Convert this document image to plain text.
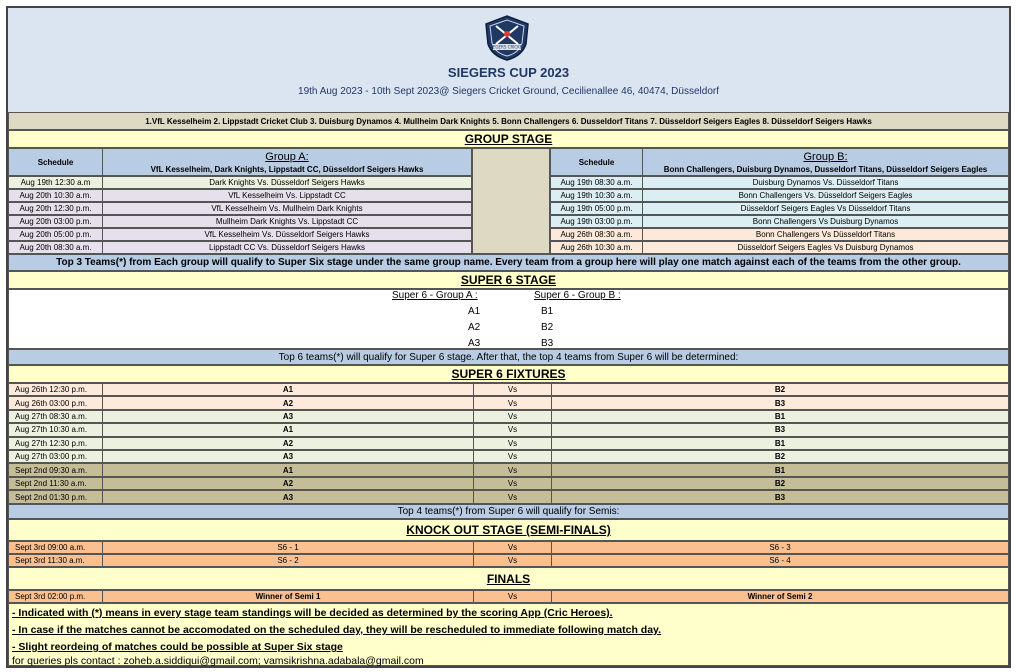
SIEGERS CRICKET
SIEGERS CUP 2023
19th Aug 2023 - 10th Sept 2023@ Siegers Cricket Ground, Cecilienallee 46, 40474, Düsseldorf
1.VfL Kesselheim 2. Lippstadt Cricket Club 3. Duisburg Dynamos 4. Mullheim Dark Knights 5. Bonn Challengers 6. Dusseldorf Titans 7. Düsseldorf Seigers Eagles 8. Düsseldorf Seigers Hawks
GROUP STAGE
Schedule	Group A:
VfL Kesselheim, Dark Knights, Lippstadt CC, Düsseldorf Seigers Hawks
Schedule	Group B:
Bonn Challengers, Duisburg Dynamos, Dusseldorf Titans, Düsseldorf Seigers Eagles
Aug 19th 12:30 a.m	Dark Knights Vs. Düsseldorf Seigers Hawks
Aug 20th 10:30 a.m.	VfL Kesselheim Vs. Lippstadt CC
Aug 20th 12:30 p.m.	VfL Kesselheim Vs. Mullheim Dark Knights
Aug 20th 03:00 p.m.	Mullheim Dark Knights Vs. Lippstadt CC
Aug 20th 05:00 p.m.	VfL Kesselheim Vs. Düsseldorf Seigers Hawks
Aug 20th 08:30 a.m.	Lippstadt CC Vs. Düsseldorf Seigers Hawks
Aug 19th 08:30 a.m.	Duisburg Dynamos Vs. Düsseldorf Titans
Aug 19th 10:30 a.m.	Bonn Challengers Vs. Düsseldorf Seigers Eagles
Aug 19th 05:00 p.m.	Düsseldorf Seigers Eagles Vs Düsseldorf Titans
Aug 19th 03:00 p.m.	Bonn Challengers Vs Duisburg Dynamos
Aug 26th 08:30 a.m.	Bonn Challengers Vs Düsseldorf Titans
Aug 26th 10:30 a.m.	Düsseldorf Seigers Eagles Vs Duisburg Dynamos
Top 3 Teams(*) from Each group will qualify to Super Six stage under the same group name. Every team from a group here will play one match against each of the teams from the other group.
SUPER 6 STAGE
Super 6 - Group A :	Super 6 - Group B :
A1
A2
A3
B1
B2
B3
Top 6 teams(*) will qualify for Super 6 stage. After that, the top 4 teams from Super 6 will be determined:
SUPER 6 FIXTURES
Aug 26th 12:30 p.m.	A1	Vs	B2
Aug 26th 03:00 p.m.	A2	Vs	B3
Aug 27th 08:30 a.m.	A3	Vs	B1
Aug 27th 10:30 a.m.	A1	Vs	B3
Aug 27th 12:30 p.m.	A2	Vs	B1
Aug 27th 03:00 p.m.	A3	Vs	B2
Sept 2nd 09:30 a.m.	A1	Vs	B1
Sept 2nd 11:30 a.m.	A2	Vs	B2
Sept 2nd 01:30 p.m.	A3	Vs	B3
Top 4 teams(*) from Super 6 will qualify for Semis:
KNOCK OUT STAGE (SEMI-FINALS)
Sept 3rd 09:00 a.m.	S6 - 1	Vs	S6 - 3
Sept 3rd 11:30 a.m.	S6 - 2	Vs	S6 - 4
FINALS
Sept 3rd 02:00 p.m.	Winner of Semi 1	Vs	Winner of Semi 2
- Indicated with (*) means in every stage team standings will be decided as determined by the scoring App (Cric Heroes).
- In case if the matches cannot be accomodated on the scheduled day, they will be rescheduled to immediate following match day.
- Slight reordeing of matches could be possible at Super Six stage
for queries pls contact : zoheb.a.siddiqui@gmail.com; vamsikrishna.adabala@gmail.com
